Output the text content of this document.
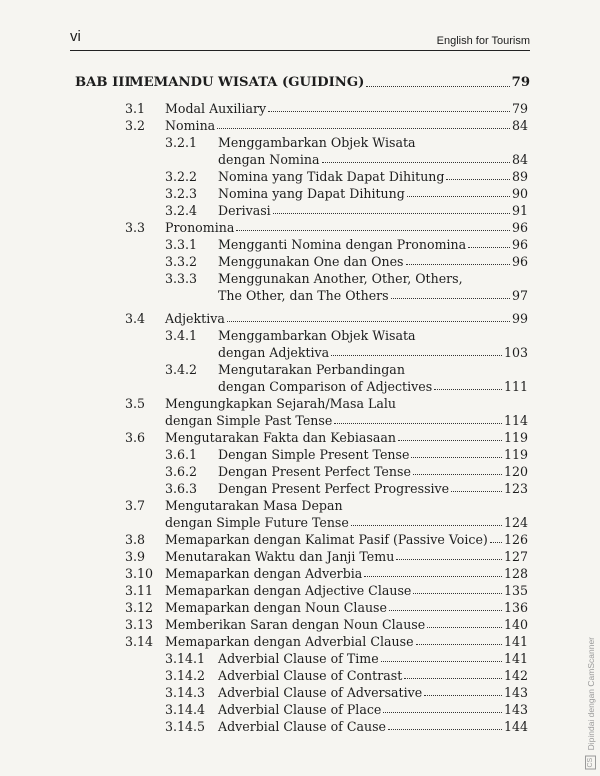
vi	English for Tourism
BAB III
MEMANDU WISATA (GUIDING)	79
3.1 Modal Auxiliary	79
3.2 Nomina	84
3.2.1 Menggambarkan Objek Wisata
dengan Nomina	84
3.2.2 Nomina yang Tidak Dapat Dihitung	89
3.2.3 Nomina yang Dapat Dihitung	90
3.2.4 Derivasi	91
3.3 Pronomina	96
3.3.1 Mengganti Nomina dengan Pronomina	96
3.3.2 Menggunakan One dan Ones	96
3.3.3 Menggunakan Another, Other, Others,
The Other, dan The Others	97
3.4 Adjektiva	99
3.4.1 Menggambarkan Objek Wisata
dengan Adjektiva	103
3.4.2 Mengutarakan Perbandingan
dengan Comparison of Adjectives	111
3.5 Mengungkapkan Sejarah/Masa Lalu
dengan Simple Past Tense	114
3.6 Mengutarakan Fakta dan Kebiasaan	119
3.6.1 Dengan Simple Present Tense	119
3.6.2 Dengan Present Perfect Tense	120
3.6.3 Dengan Present Perfect Progressive	123
3.7 Mengutarakan Masa Depan
dengan Simple Future Tense	124
3.8 Memaparkan dengan Kalimat Pasif (Passive Voice) 126
3.9 Menutarakan Waktu dan Janji Temu	127
3.10 Memaparkan dengan Adverbia	128
3.11 Memaparkan dengan Adjective Clause	135
3.12 Memaparkan dengan Noun Clause	136
3.13 Memberikan Saran dengan Noun Clause	140
3.14 Memaparkan dengan Adverbial Clause	141
3.14.1 Adverbial Clause of Time	141
3.14.2 Adverbial Clause of Contrast	142
3.14.3 Adverbial Clause of Adversative	143
3.14.4 Adverbial Clause of Place	143
3.14.5 Adverbial Clause of Cause	144
CS Dipindai dengan CamScanner
